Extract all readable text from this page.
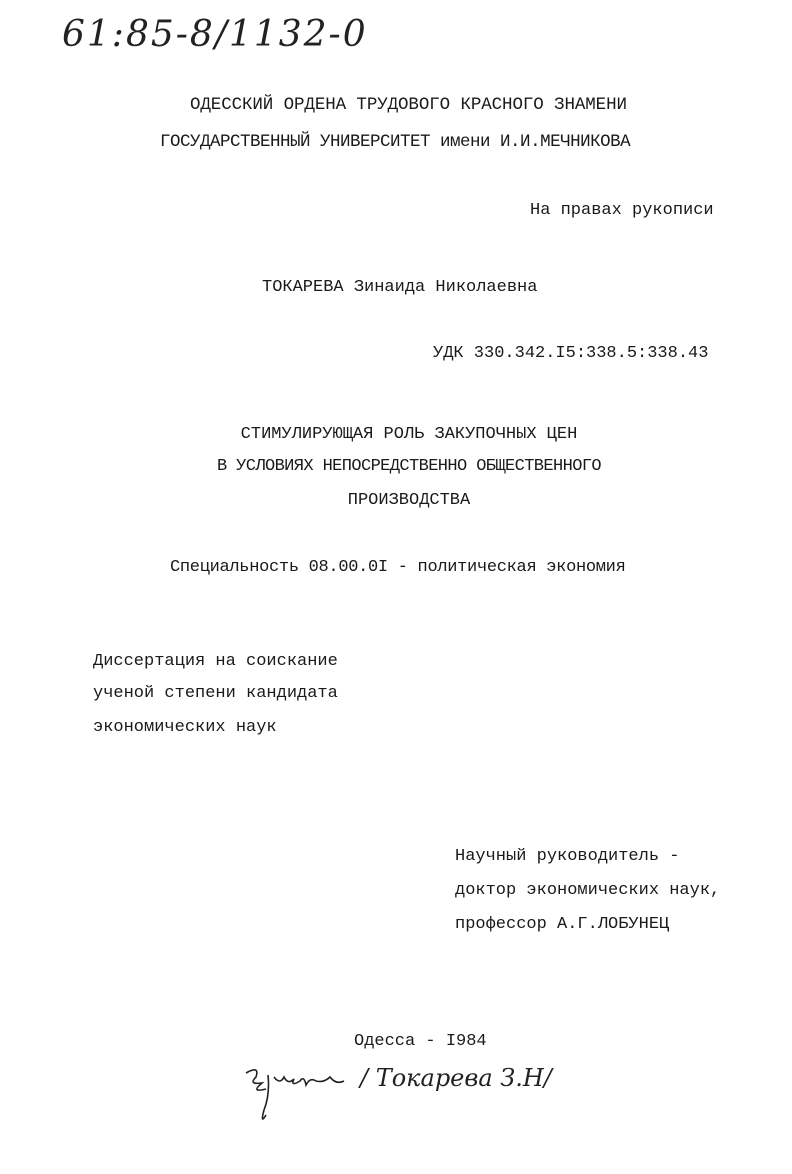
61:85-8/1132-0
ОДЕССКИЙ ОРДЕНА ТРУДОВОГО КРАСНОГО ЗНАМЕНИ
ГОСУДАРСТВЕННЫЙ УНИВЕРСИТЕТ имени И.И.МЕЧНИКОВА
На правах рукописи
ТОКАРЕВА Зинаида Николаевна
УДК 330.342.I5:338.5:338.43
СТИМУЛИРУЮЩАЯ РОЛЬ ЗАКУПОЧНЫХ ЦЕН
В УСЛОВИЯХ НЕПОСРЕДСТВЕННО ОБЩЕСТВЕННОГО
ПРОИЗВОДСТВА
Специальность 08.00.0I - политическая экономия
Диссертация на соискание
ученой степени кандидата
экономических наук
Научный руководитель -
доктор экономических наук,
профессор А.Г.ЛОБУНЕЦ
Одесса - I984
/ Токарева З.Н/
